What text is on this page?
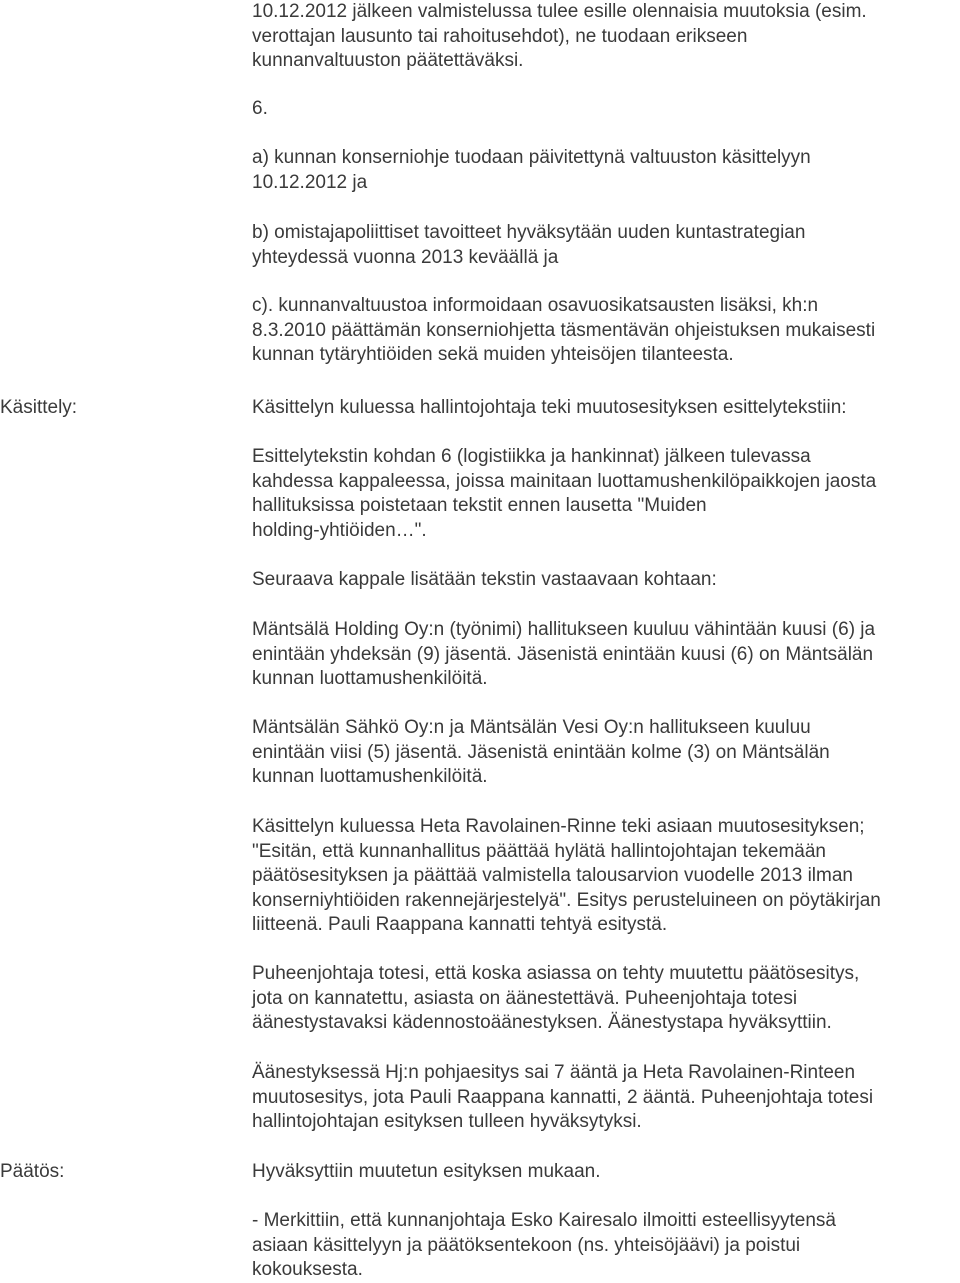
10.12.2012 jälkeen valmistelussa tulee esille olennaisia muutoksia (esim.
verottajan lausunto tai rahoitusehdot), ne tuodaan erikseen
kunnanvaltuuston päätettäväksi.
6.
a) kunnan konserniohje tuodaan päivitettynä valtuuston käsittelyyn
10.12.2012 ja
b) omistajapoliittiset tavoitteet hyväksytään uuden kuntastrategian
yhteydessä vuonna 2013 keväällä ja
c). kunnanvaltuustoa informoidaan osavuosikatsausten lisäksi, kh:n
8.3.2010 päättämän konserniohjetta täsmentävän ohjeistuksen mukaisesti
kunnan tytäryhtiöiden sekä muiden yhteisöjen tilanteesta.
Käsittely:	Käsittelyn kuluessa hallintojohtaja teki muutosesityksen esittelytekstiin:
Esittelytekstin kohdan 6 (logistiikka ja hankinnat) jälkeen tulevassa
kahdessa kappaleessa, joissa mainitaan luottamushenkilöpaikkojen jaosta
hallituksissa poistetaan tekstit ennen lausetta "Muiden
holding-yhtiöiden…".
Seuraava kappale lisätään tekstin vastaavaan kohtaan:
Mäntsälä Holding Oy:n (työnimi) hallitukseen kuuluu vähintään kuusi (6) ja
enintään yhdeksän (9) jäsentä. Jäsenistä enintään kuusi (6) on Mäntsälän
kunnan luottamushenkilöitä.
Mäntsälän Sähkö Oy:n ja Mäntsälän Vesi Oy:n hallitukseen kuuluu
enintään viisi (5) jäsentä. Jäsenistä enintään kolme (3) on Mäntsälän
kunnan luottamushenkilöitä.
Käsittelyn kuluessa Heta Ravolainen-Rinne teki asiaan muutosesityksen;
"Esitän, että kunnanhallitus päättää hylätä hallintojohtajan tekemään
päätösesityksen ja päättää valmistella talousarvion vuodelle 2013 ilman
konserniyhtiöiden rakennejärjestelyä". Esitys perusteluineen on pöytäkirjan
liitteenä. Pauli Raappana kannatti tehtyä esitystä.
Puheenjohtaja totesi, että koska asiassa on tehty muutettu päätösesitys,
jota on kannatettu, asiasta on äänestettävä. Puheenjohtaja totesi
äänestystavaksi kädennostoäänestyksen. Äänestystapa hyväksyttiin.
Äänestyksessä Hj:n pohjaesitys sai 7 ääntä ja Heta Ravolainen-Rinteen
muutosesitys, jota Pauli Raappana kannatti, 2 ääntä. Puheenjohtaja totesi
hallintojohtajan esityksen tulleen hyväksytyksi.
Päätös:	Hyväksyttiin muutetun esityksen mukaan.
- Merkittiin, että kunnanjohtaja Esko Kairesalo ilmoitti esteellisyytensä
asiaan käsittelyyn ja päätöksentekoon (ns. yhteisöjäävi) ja poistui
kokouksesta.
